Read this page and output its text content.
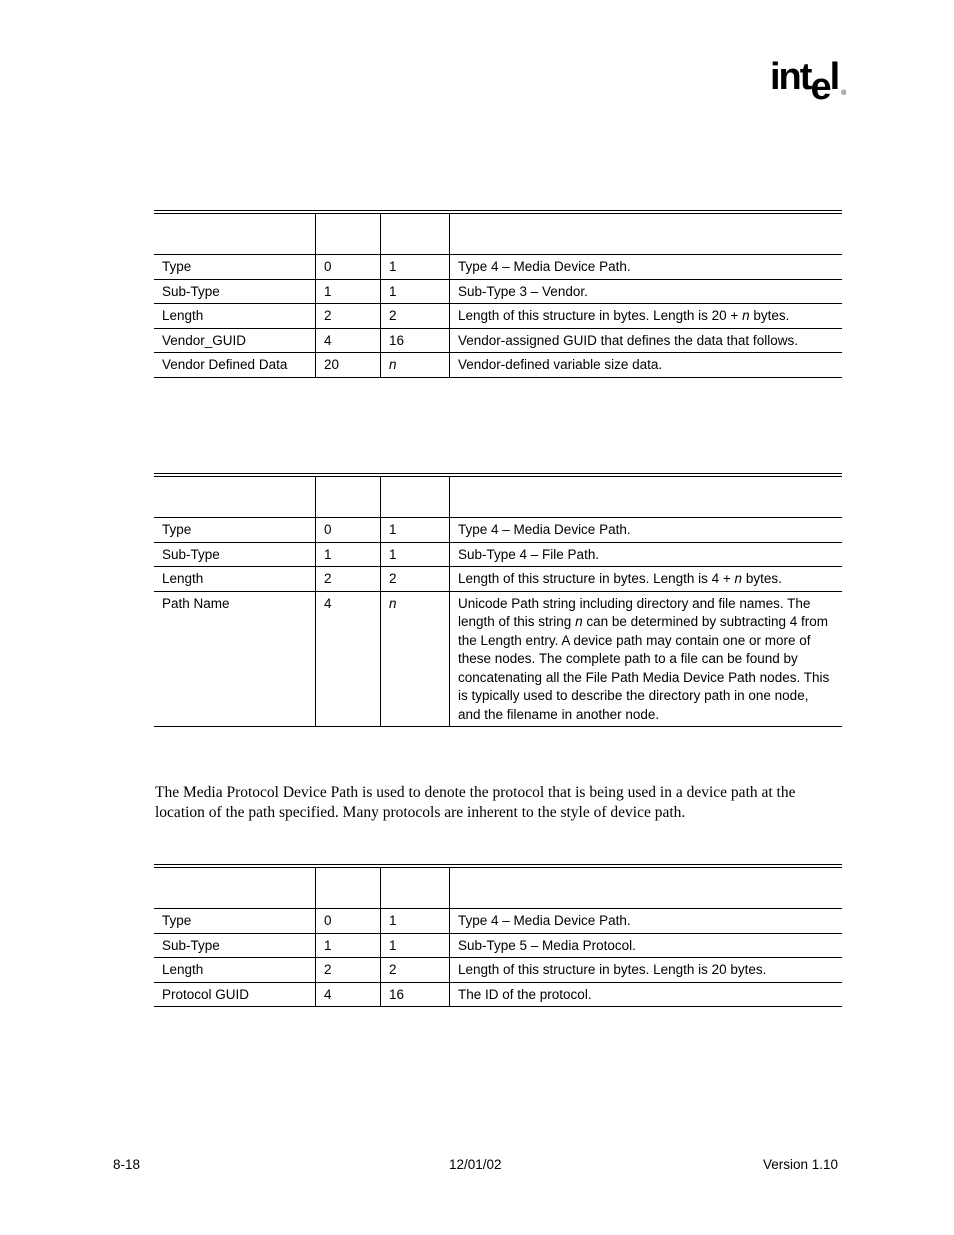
intel ®

Type	0	1	Type 4 – Media Device Path.
Sub-Type	1	1	Sub-Type 3 – Vendor.
Length	2	2	Length of this structure in bytes. Length is 20 + n bytes.
Vendor_GUID	4	16	Vendor-assigned GUID that defines the data that follows.
Vendor Defined Data	20	n	Vendor-defined variable size data.

Type	0	1	Type 4 – Media Device Path.
Sub-Type	1	1	Sub-Type 4 – File Path.
Length	2	2	Length of this structure in bytes. Length is 4 + n bytes.
Path Name	4	n	Unicode Path string including directory and file names. The length of this string n can be determined by subtracting 4 from the Length entry. A device path may contain one or more of these nodes. The complete path to a file can be found by concatenating all the File Path Media Device Path nodes. This is typically used to describe the directory path in one node, and the filename in another node.
The Media Protocol Device Path is used to denote the protocol that is being used in a device path at the location of the path specified. Many protocols are inherent to the style of device path.

Type	0	1	Type 4 – Media Device Path.
Sub-Type	1	1	Sub-Type 5 – Media Protocol.
Length	2	2	Length of this structure in bytes. Length is 20 bytes.
Protocol GUID	4	16	The ID of the protocol.
8-18	12/01/02	Version 1.10
